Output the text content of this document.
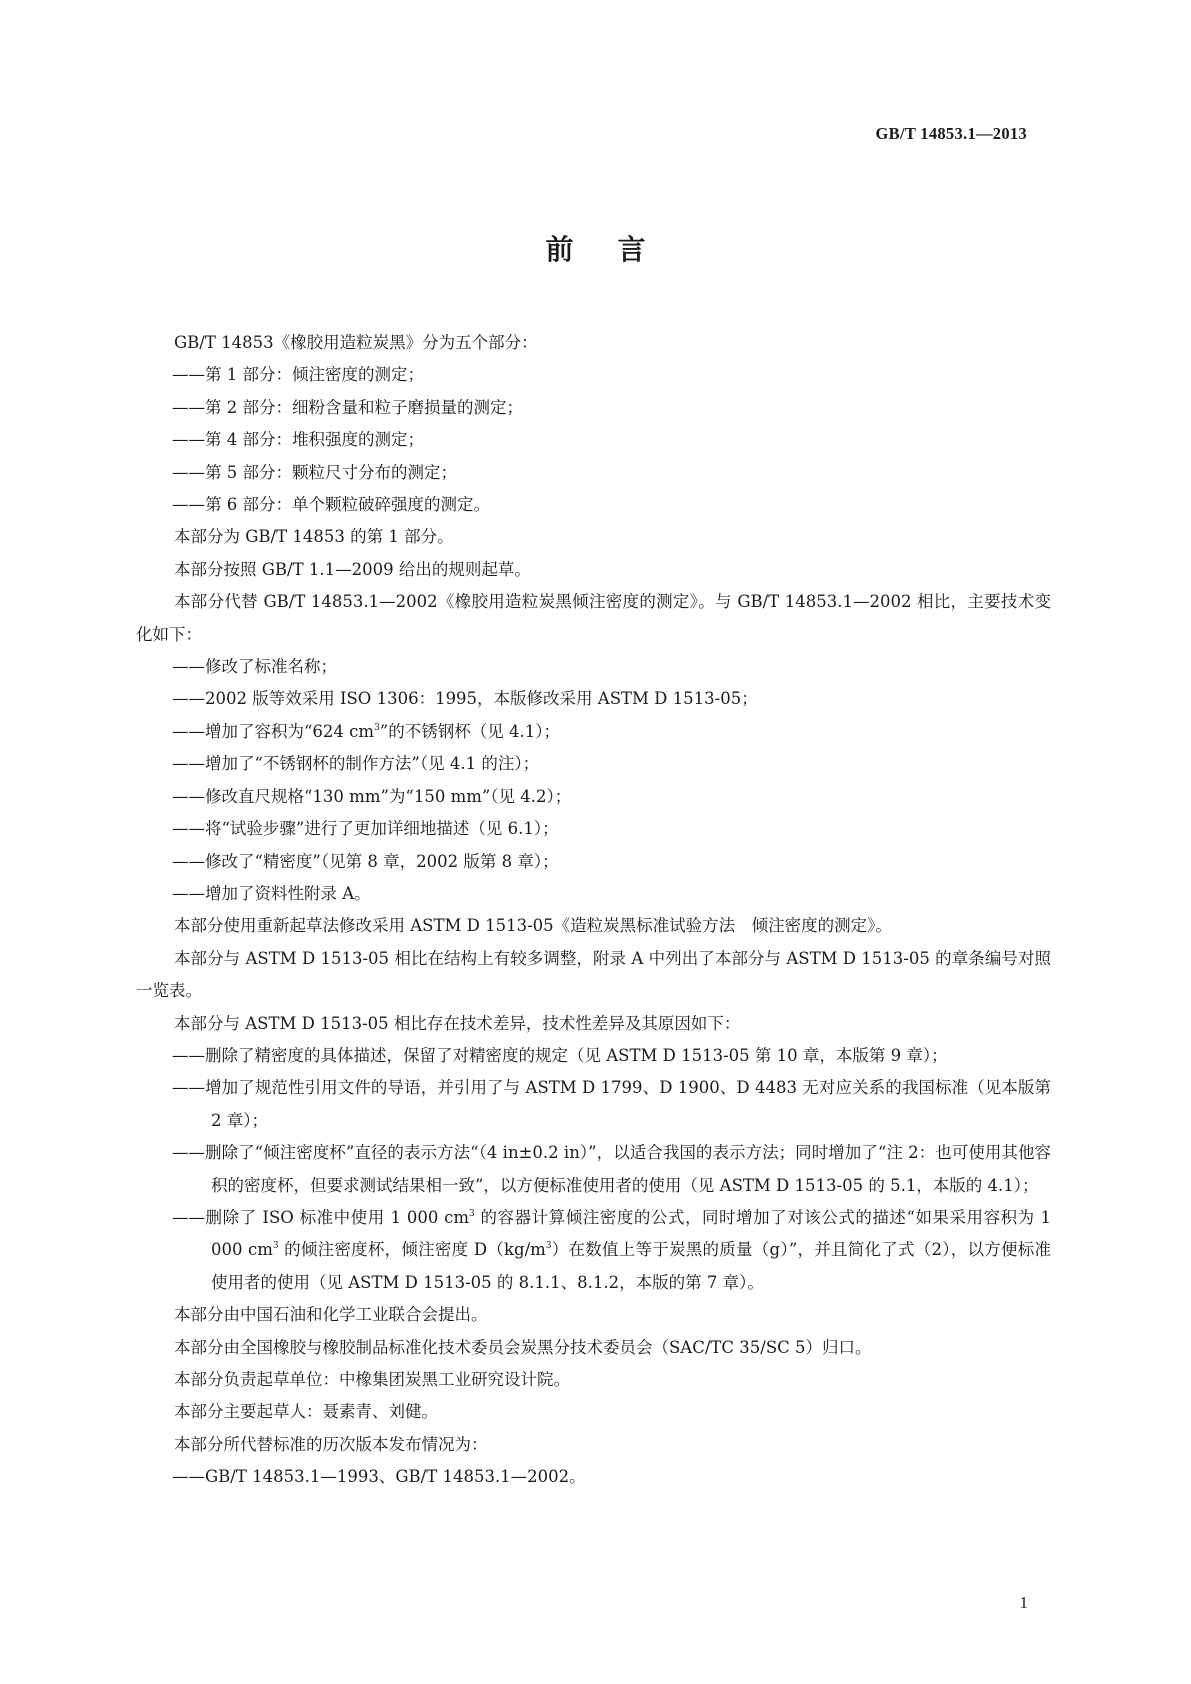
GB/T 14853.1—2013
前言

GB/T 14853《橡胶用造粒炭黑》分为五个部分：

——第 1 部分：倾注密度的测定；

——第 2 部分：细粉含量和粒子磨损量的测定；

——第 4 部分：堆积强度的测定；

——第 5 部分：颗粒尺寸分布的测定；

——第 6 部分：单个颗粒破碎强度的测定。

本部分为 GB/T 14853 的第 1 部分。

本部分按照 GB/T 1.1—2009 给出的规则起草。

本部分代替 GB/T 14853.1—2002《橡胶用造粒炭黑倾注密度的测定》。与 GB/T 14853.1—2002 相比，主要技术变化如下：

——修改了标准名称；

——2002 版等效采用 ISO 1306：1995，本版修改采用 ASTM D 1513-05；

——增加了容积为“624 $cm^3$”的不锈钢杯（见 4.1）；

——增加了“不锈钢杯的制作方法”（见 4.1 的注）；

——修改直尺规格“130 mm”为“150 mm”（见 4.2）；

——将“试验步骤”进行了更加详细地描述（见 6.1）；

——修改了“精密度”（见第 8 章，2002 版第 8 章）；

——增加了资料性附录 A。

本部分使用重新起草法修改采用 ASTM D 1513-05《造粒炭黑标准试验方法　倾注密度的测定》。

本部分与 ASTM D 1513-05 相比在结构上有较多调整，附录 A 中列出了本部分与 ASTM D 1513-05 的章条编号对照一览表。

本部分与 ASTM D 1513-05 相比存在技术差异，技术性差异及其原因如下：

——删除了精密度的具体描述，保留了对精密度的规定（见 ASTM D 1513-05 第 10 章，本版第 9 章）；

——增加了规范性引用文件的导语，并引用了与 ASTM D 1799、D 1900、D 4483 无对应关系的我国标准（见本版第 2 章）；

——删除了“倾注密度杯”直径的表示方法“（4 in±0.2 in）”，以适合我国的表示方法；同时增加了“注 2：也可使用其他容积的密度杯，但要求测试结果相一致”，以方便标准使用者的使用（见 ASTM D 1513-05 的 5.1，本版的 4.1）；

——删除了 ISO 标准中使用 1 000 $cm^3$ 的容器计算倾注密度的公式，同时增加了对该公式的描述“如果采用容积为 1 000 $cm^3$ 的倾注密度杯，倾注密度 $D(kg/m^3)$在数值上等于炭黑的质量（g）”，并且简化了式（2），以方便标准使用者的使用（见 ASTM D 1513-05 的 8.1.1、8.1.2，本版的第 7 章）。

本部分由中国石油和化学工业联合会提出。

本部分由全国橡胶与橡胶制品标准化技术委员会炭黑分技术委员会（SAC/TC 35/SC 5）归口。

本部分负责起草单位：中橡集团炭黑工业研究设计院。

本部分主要起草人：聂素青、刘健。

本部分所代替标准的历次版本发布情况为：

——GB/T 14853.1—1993、GB/T 14853.1—2002。

1
